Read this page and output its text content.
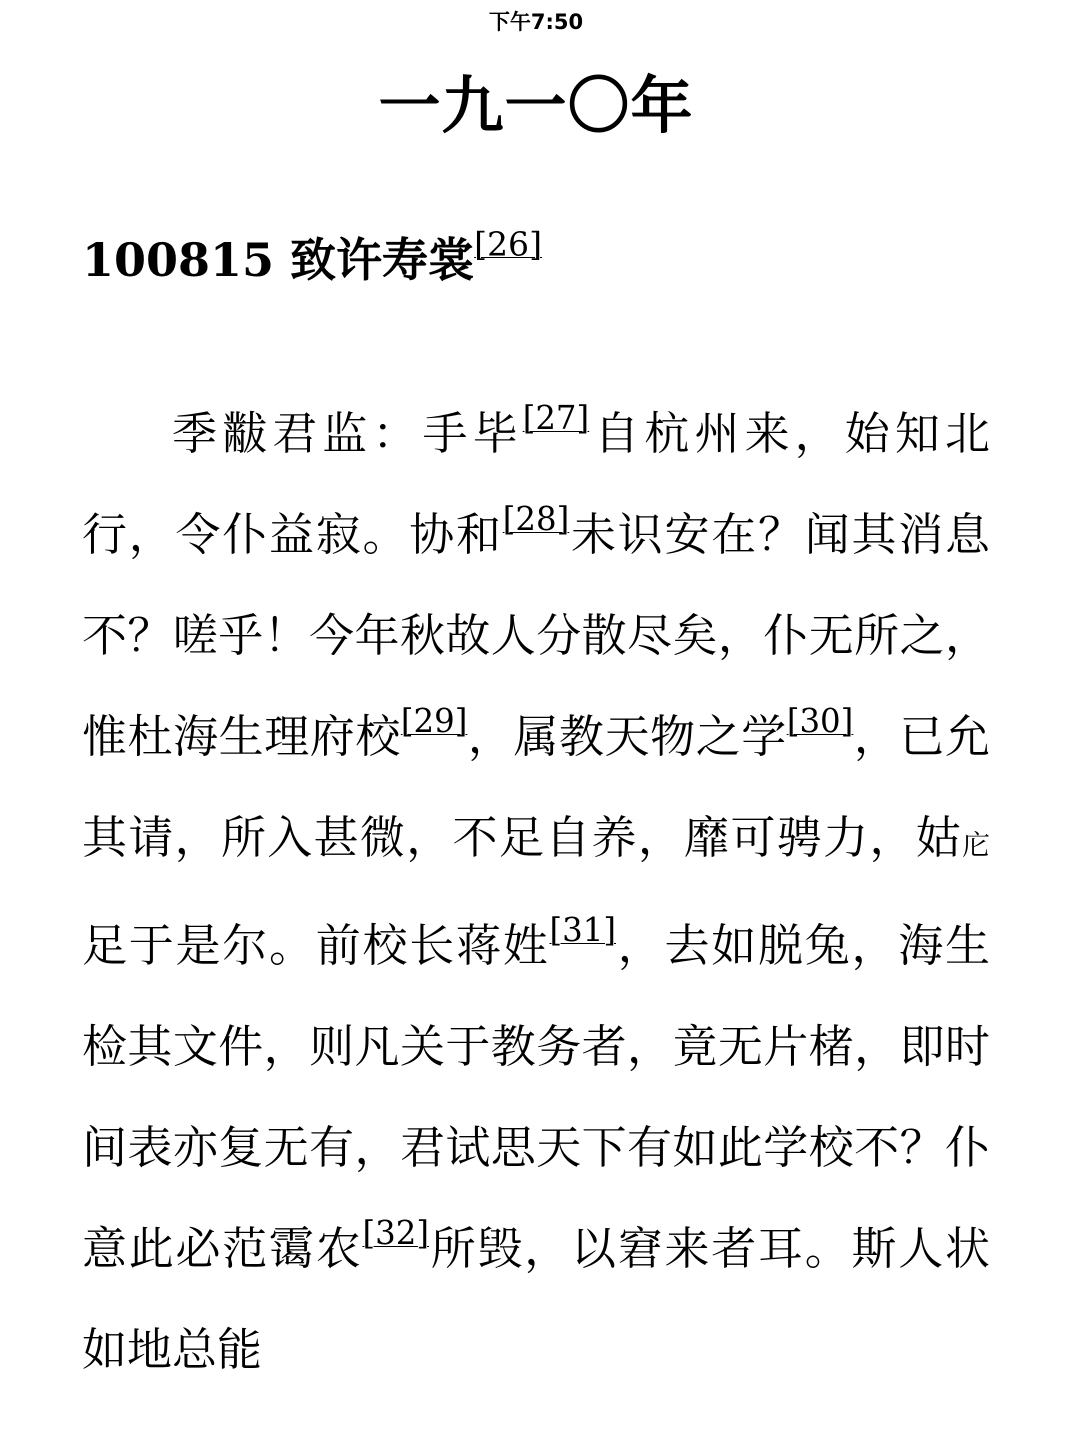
下午7:50
一九一〇年
100815 致许寿裳[26]

季黻君监：手毕[27]自杭州来，始知北行，令仆益寂。协和[28]未识安在？闻其消息不？嗟乎！今年秋故人分散尽矣，仆无所之，惟杜海生理府校[29]，属教天物之学[30]，已允其请，所入甚微，不足自养，靡可骋力，姑庀足于是尔。前校长蒋姓[31]，去如脱兔，海生检其文件，则凡关于教务者，竟无片楮，即时间表亦复无有，君试思天下有如此学校不？仆意此必范霭农[32]所毁，以窘来者耳。斯人状如地总能
